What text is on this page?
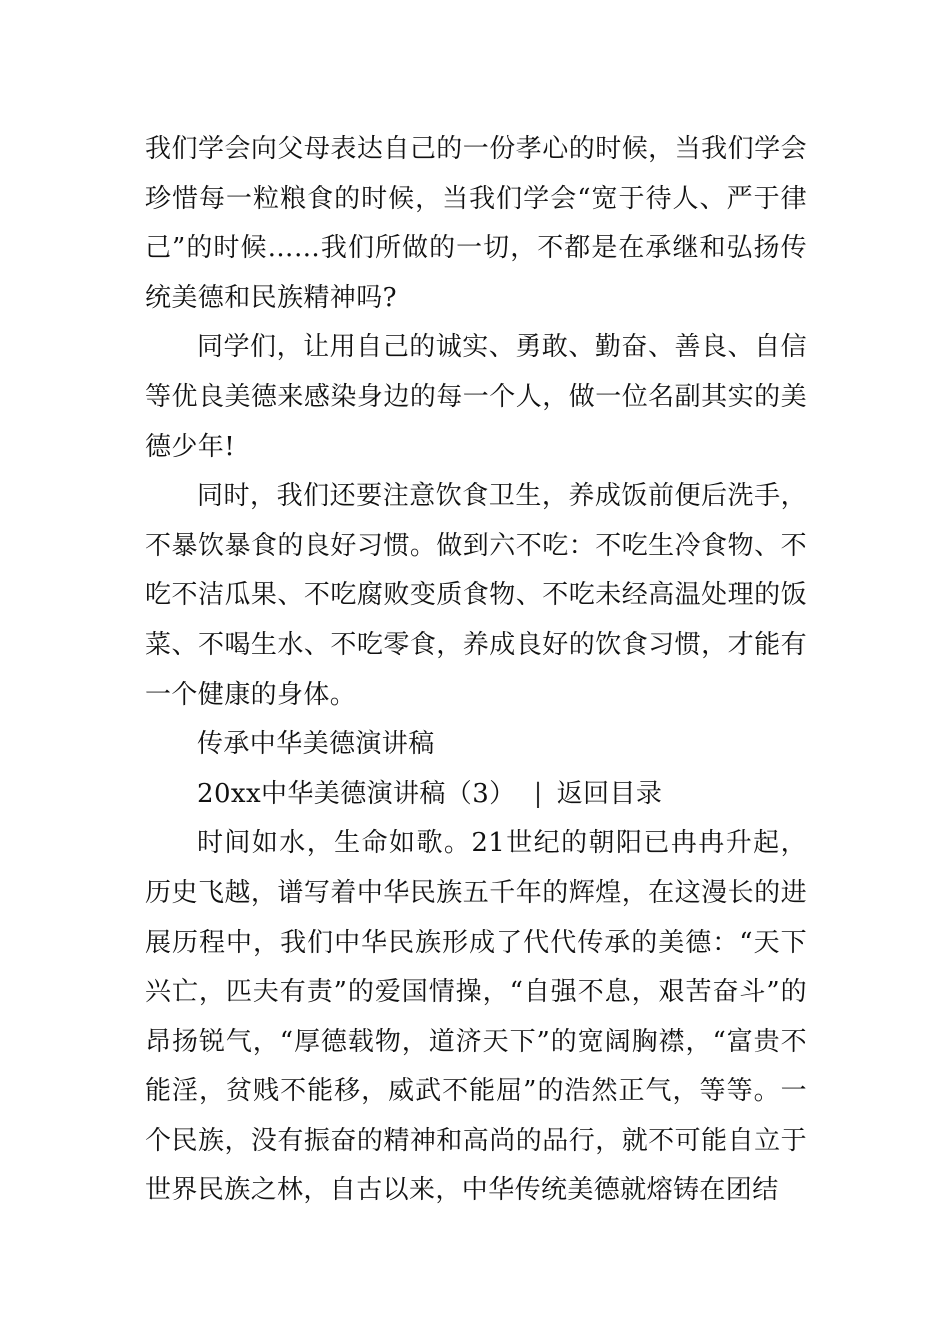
我们学会向父母表达自己的一份孝心的时候，当我们学会珍惜每一粒粮食的时候，当我们学会“宽于待人、严于律己”的时候……我们所做的一切，不都是在承继和弘扬传统美德和民族精神吗?

同学们，让用自己的诚实、勇敢、勤奋、善良、自信等优良美德来感染身边的每一个人，做一位名副其实的美德少年!

同时，我们还要注意饮食卫生，养成饭前便后洗手，不暴饮暴食的良好习惯。做到六不吃：不吃生冷食物、不吃不洁瓜果、不吃腐败变质食物、不吃未经高温处理的饭菜、不喝生水、不吃零食，养成良好的饮食习惯，才能有一个健康的身体。

传承中华美德演讲稿

20xx中华美德演讲稿（3） | 返回目录

时间如水，生命如歌。21世纪的朝阳已冉冉升起，历史飞越，谱写着中华民族五千年的辉煌，在这漫长的进展历程中，我们中华民族形成了代代传承的美德：“天下兴亡，匹夫有责”的爱国情操，“自强不息，艰苦奋斗”的昂扬锐气，“厚德载物，道济天下”的宽阔胸襟，“富贵不能淫，贫贱不能移，威武不能屈”的浩然正气，等等。一个民族，没有振奋的精神和高尚的品行，就不可能自立于世界民族之林，自古以来，中华传统美德就熔铸在团结
